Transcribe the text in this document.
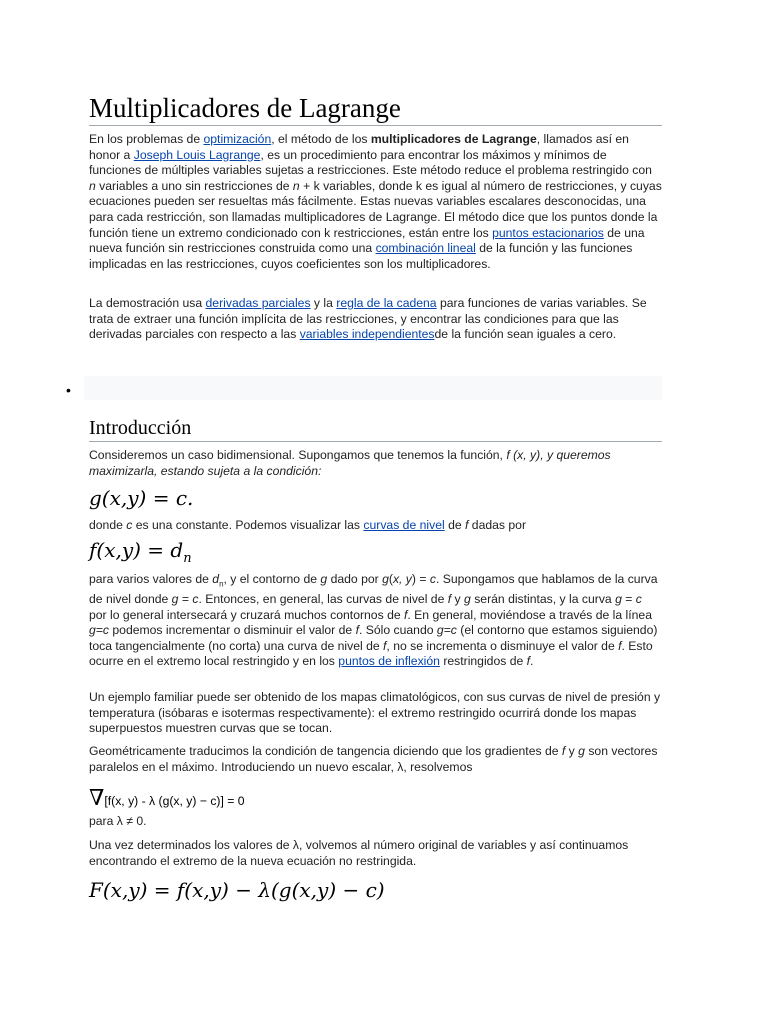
Multiplicadores de Lagrange

En los problemas de optimización, el método de los multiplicadores de Lagrange, llamados así en honor a Joseph Louis Lagrange, es un procedimiento para encontrar los máximos y mínimos de funciones de múltiples variables sujetas a restricciones. Este método reduce el problema restringido con n variables a uno sin restricciones de n + k variables, donde k es igual al número de restricciones, y cuyas ecuaciones pueden ser resueltas más fácilmente. Estas nuevas variables escalares desconocidas, una para cada restricción, son llamadas multiplicadores de Lagrange. El método dice que los puntos donde la función tiene un extremo condicionado con k restricciones, están entre los puntos estacionarios de una nueva función sin restricciones construida como una combinación lineal de la función y las funciones implicadas en las restricciones, cuyos coeficientes son los multiplicadores.

La demostración usa derivadas parciales y la regla de la cadena para funciones de varias variables. Se trata de extraer una función implícita de las restricciones, y encontrar las condiciones para que las derivadas parciales con respecto a las variables independientesde la función sean iguales a cero.

•
Introducción

Consideremos un caso bidimensional. Supongamos que tenemos la función, f (x, y), y queremos maximizarla, estando sujeta a la condición:

g(x,y) = c.

donde c es una constante. Podemos visualizar las curvas de nivel de f dadas por

$f(x,y) = d_n$

para varios valores de $d_n$, y el contorno de g dado por g(x, y) = c. Supongamos que hablamos de la curva de nivel donde g = c. Entonces, en general, las curvas de nivel de f y g serán distintas, y la curva g = c por lo general intersecará y cruzará muchos contornos de f. En general, moviéndose a través de la línea g=c podemos incrementar o disminuir el valor de f. Sólo cuando g=c (el contorno que estamos siguiendo) toca tangencialmente (no corta) una curva de nivel de f, no se incrementa o disminuye el valor de f. Esto ocurre en el extremo local restringido y en los puntos de inflexión restringidos de f.

Un ejemplo familiar puede ser obtenido de los mapas climatológicos, con sus curvas de nivel de presión y temperatura (isóbaras e isotermas respectivamente): el extremo restringido ocurrirá donde los mapas superpuestos muestren curvas que se tocan.

Geométricamente traducimos la condición de tangencia diciendo que los gradientes de f y g son vectores paralelos en el máximo. Introduciendo un nuevo escalar, λ, resolvemos

∇[f(x, y) - λ (g(x, y) − c)] = 0

para λ ≠ 0.

Una vez determinados los valores de λ, volvemos al número original de variables y así continuamos encontrando el extremo de la nueva ecuación no restringida.

F(x,y) = f(x,y) − λ(g(x,y) − c)
